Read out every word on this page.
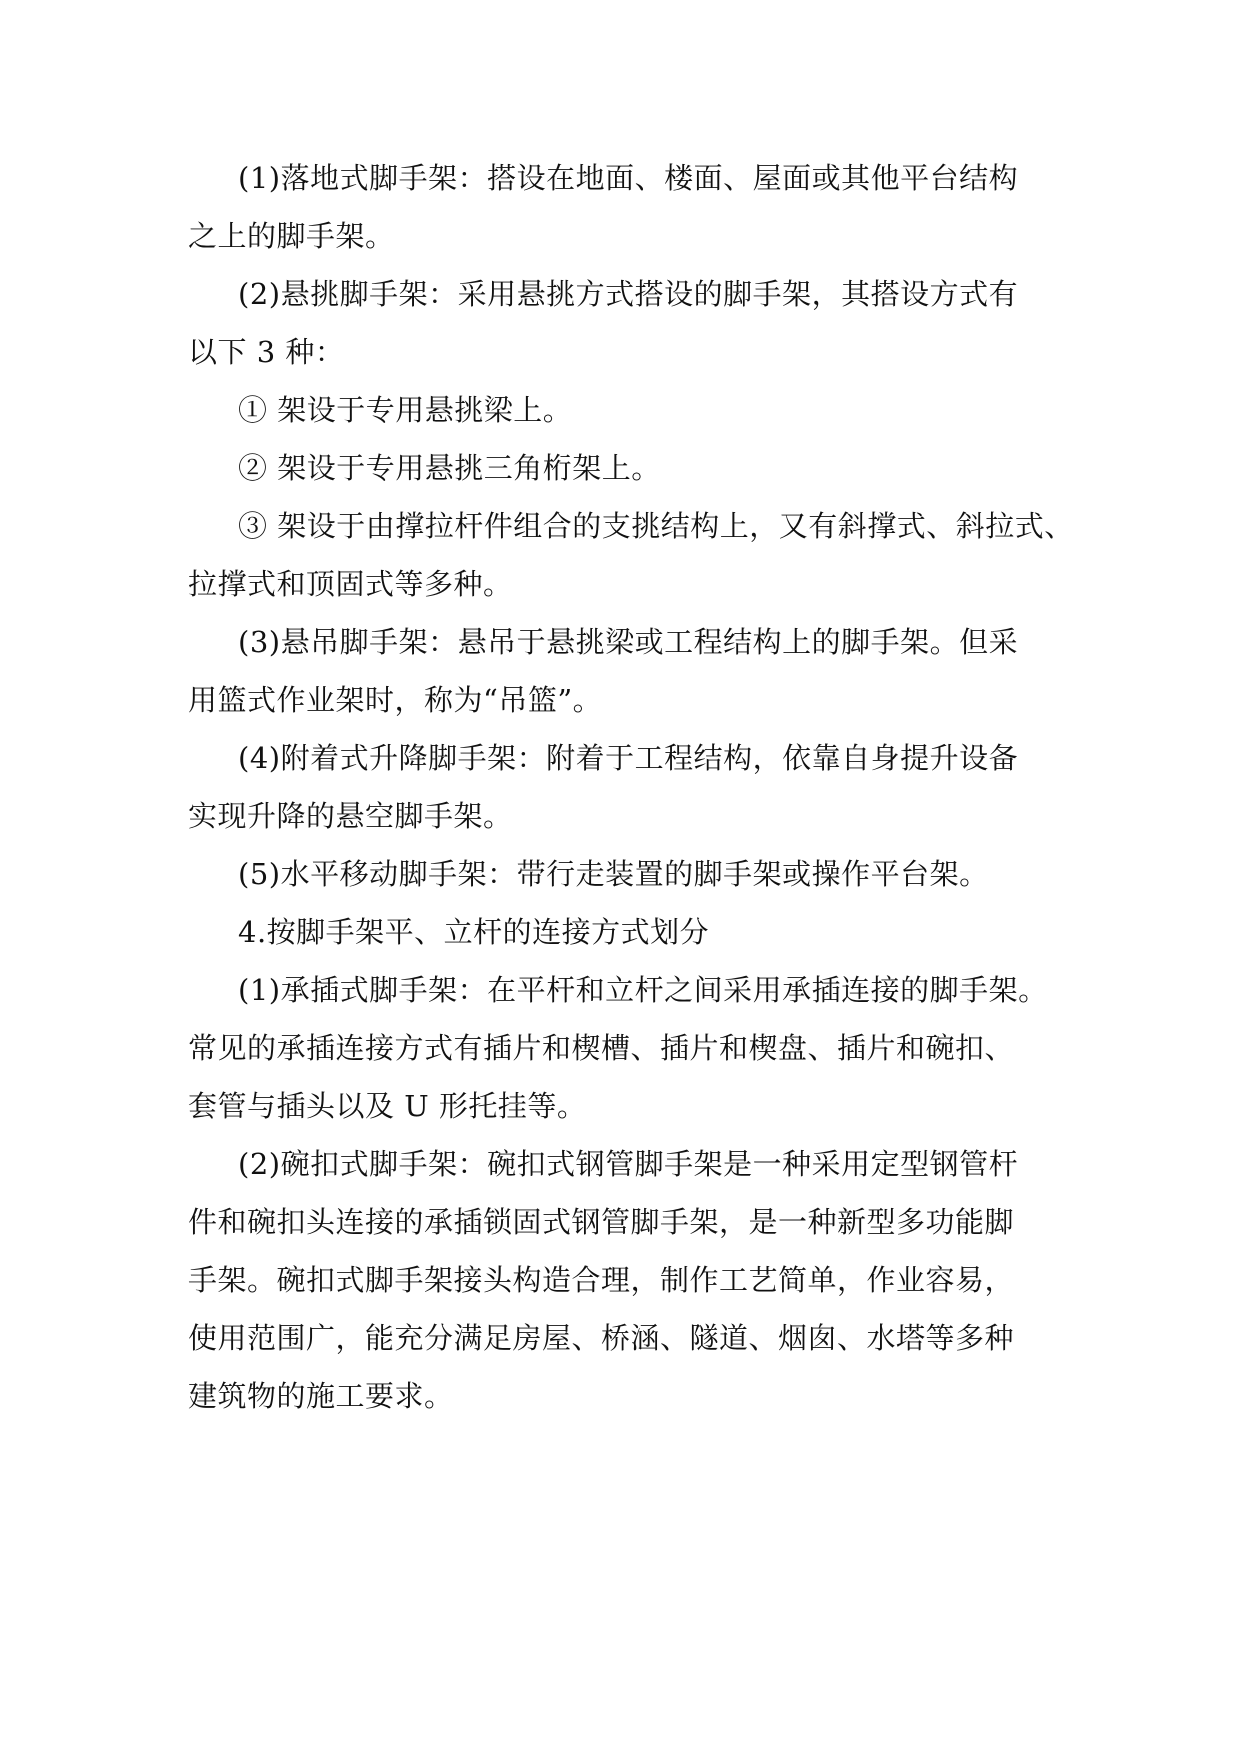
(1)落地式脚手架：搭设在地面、楼面、屋面或其他平台结构
之上的脚手架。
(2)悬挑脚手架：采用悬挑方式搭设的脚手架，其搭设方式有
以下 3 种：
① 架设于专用悬挑梁上。
② 架设于专用悬挑三角桁架上。
③ 架设于由撑拉杆件组合的支挑结构上，又有斜撑式、斜拉式、
拉撑式和顶固式等多种。
(3)悬吊脚手架：悬吊于悬挑梁或工程结构上的脚手架。但采
用篮式作业架时，称为“吊篮”。
(4)附着式升降脚手架：附着于工程结构，依靠自身提升设备
实现升降的悬空脚手架。
(5)水平移动脚手架：带行走装置的脚手架或操作平台架。
4.按脚手架平、立杆的连接方式划分
(1)承插式脚手架：在平杆和立杆之间采用承插连接的脚手架。
常见的承插连接方式有插片和楔槽、插片和楔盘、插片和碗扣、
套管与插头以及 U 形托挂等。
(2)碗扣式脚手架：碗扣式钢管脚手架是一种采用定型钢管杆
件和碗扣头连接的承插锁固式钢管脚手架，是一种新型多功能脚
手架。碗扣式脚手架接头构造合理，制作工艺简单，作业容易，
使用范围广，能充分满足房屋、桥涵、隧道、烟囱、水塔等多种
建筑物的施工要求。
